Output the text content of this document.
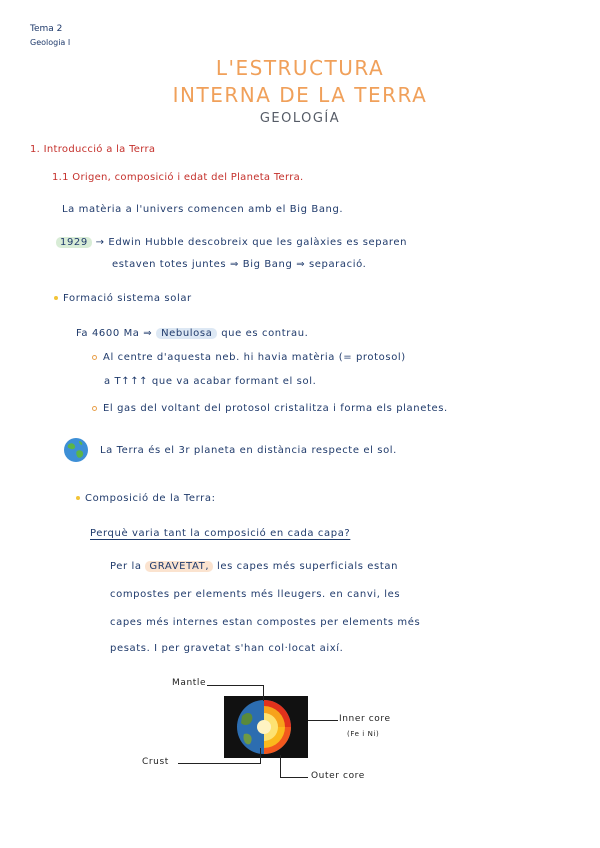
Tema 2
Geologia I
L'ESTRUCTURA
INTERNA DE LA TERRA
GEOLOGÍA
1. Introducció a la Terra
1.1 Origen, composició i edat del Planeta Terra.
La matèria a l'univers comencen amb el Big Bang.
1929 → Edwin Hubble descobreix que les galàxies es separen
estaven totes juntes ⇒ Big Bang ⇒ separació.
Formació sistema solar
Fa 4600 Ma ⇒ Nebulosa que es contrau.
Al centre d'aquesta neb. hi havia matèria (= protosol)
a T↑↑↑ que va acabar formant el sol.
El gas del voltant del protosol cristalitza i forma els planetes.
La Terra és el 3r planeta en distància respecte el sol.
Composició de la Terra:
Perquè varia tant la composició en cada capa?
Per la GRAVETAT, les capes més superficials estan
compostes per elements més lleugers. en canvi, les
capes més internes estan compostes per elements més
pesats. I per gravetat s'han col·locat així.
Mantle
Inner core
(Fe i Ni)
Crust
Outer core
